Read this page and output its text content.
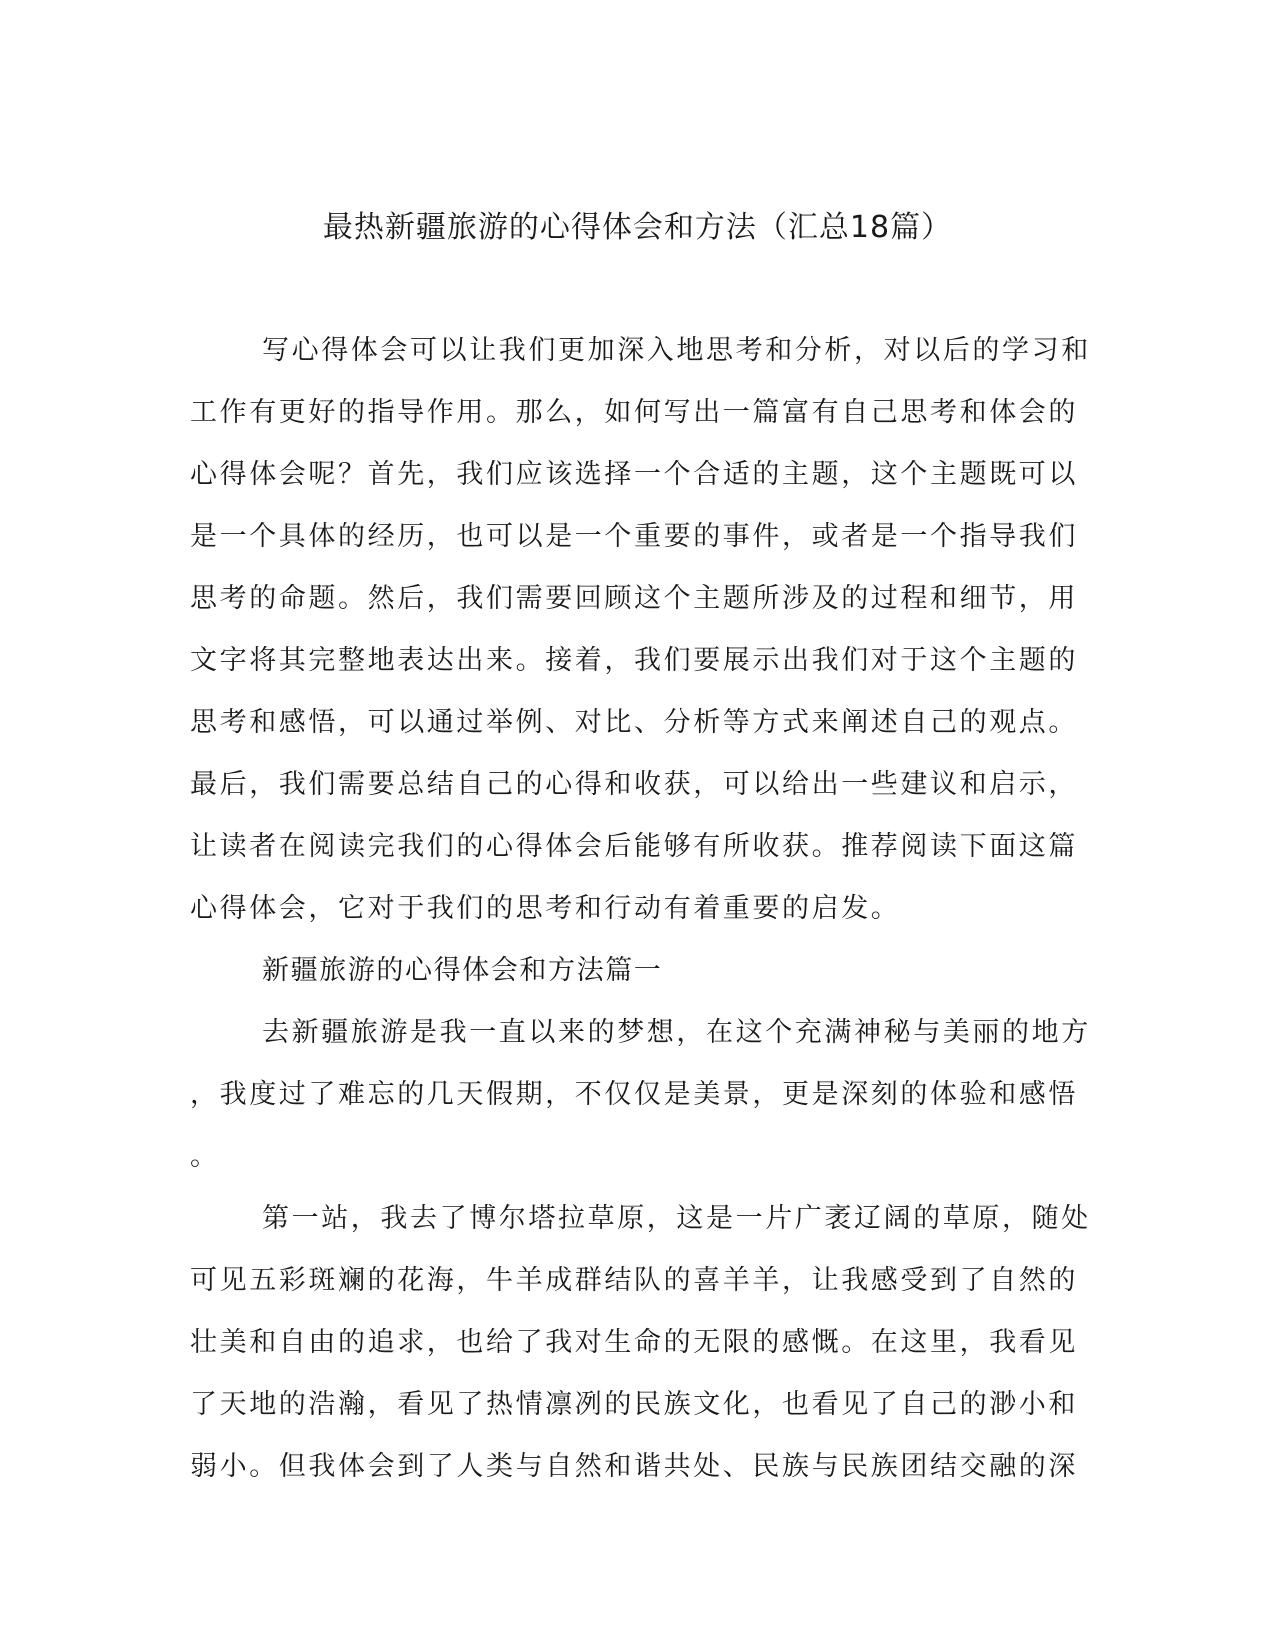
最热新疆旅游的心得体会和方法（汇总18篇）
写心得体会可以让我们更加深入地思考和分析，对以后的学习和
工作有更好的指导作用。那么，如何写出一篇富有自己思考和体会的
心得体会呢？首先，我们应该选择一个合适的主题，这个主题既可以
是一个具体的经历，也可以是一个重要的事件，或者是一个指导我们
思考的命题。然后，我们需要回顾这个主题所涉及的过程和细节，用
文字将其完整地表达出来。接着，我们要展示出我们对于这个主题的
思考和感悟，可以通过举例、对比、分析等方式来阐述自己的观点。
最后，我们需要总结自己的心得和收获，可以给出一些建议和启示，
让读者在阅读完我们的心得体会后能够有所收获。推荐阅读下面这篇
心得体会，它对于我们的思考和行动有着重要的启发。
新疆旅游的心得体会和方法篇一
去新疆旅游是我一直以来的梦想，在这个充满神秘与美丽的地方
，我度过了难忘的几天假期，不仅仅是美景，更是深刻的体验和感悟
。
第一站，我去了博尔塔拉草原，这是一片广袤辽阔的草原，随处
可见五彩斑斓的花海，牛羊成群结队的喜羊羊，让我感受到了自然的
壮美和自由的追求，也给了我对生命的无限的感慨。在这里，我看见
了天地的浩瀚，看见了热情凛冽的民族文化，也看见了自己的渺小和
弱小。但我体会到了人类与自然和谐共处、民族与民族团结交融的深
